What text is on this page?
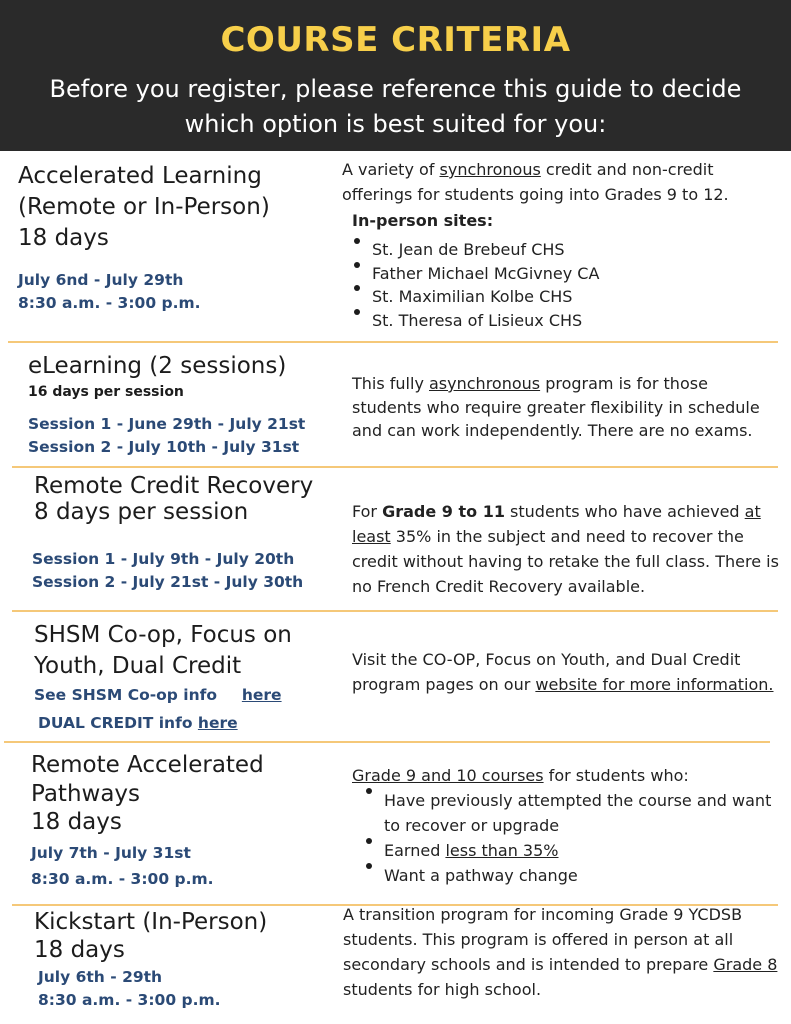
COURSE CRITERIA
Before you register, please reference this guide to decide
which option is best suited for you:
Accelerated Learning
(Remote or In-Person)
18 days
July 6nd - July 29th
8:30 a.m. - 3:00 p.m.
A variety of synchronous credit and non-credit offerings for students going into Grades 9 to 12.
In-person sites:
St. Jean de Brebeuf CHS
Father Michael McGivney CA
St. Maximilian Kolbe CHS
St. Theresa of Lisieux CHS
eLearning (2 sessions)
16 days per session
Session 1 - June 29th - July 21st
Session 2 - July 10th - July 31st
This fully asynchronous program is for those students who require greater flexibility in schedule and can work independently. There are no exams.
Remote Credit Recovery
8 days per session
Session 1 - July 9th - July 20th
Session 2 - July 21st - July 30th
For Grade 9 to 11 students who have achieved at least 35% in the subject and need to recover the credit without having to retake the full class. There is no French Credit Recovery available.
SHSM Co-op, Focus on
Youth, Dual Credit
See SHSM Co-op info here
DUAL CREDIT info here
Visit the CO-OP, Focus on Youth, and Dual Credit program pages on our website for more information.
Remote Accelerated
Pathways
18 days
July 7th - July 31st
8:30 a.m. - 3:00 p.m.
Grade 9 and 10 courses for students who:
Have previously attempted the course and want to recover or upgrade
Earned less than 35%
Want a pathway change
Kickstart (In-Person)
18 days
July 6th - 29th
8:30 a.m. - 3:00 p.m.
A transition program for incoming Grade 9 YCDSB students. This program is offered in person at all secondary schools and is intended to prepare Grade 8 students for high school.
